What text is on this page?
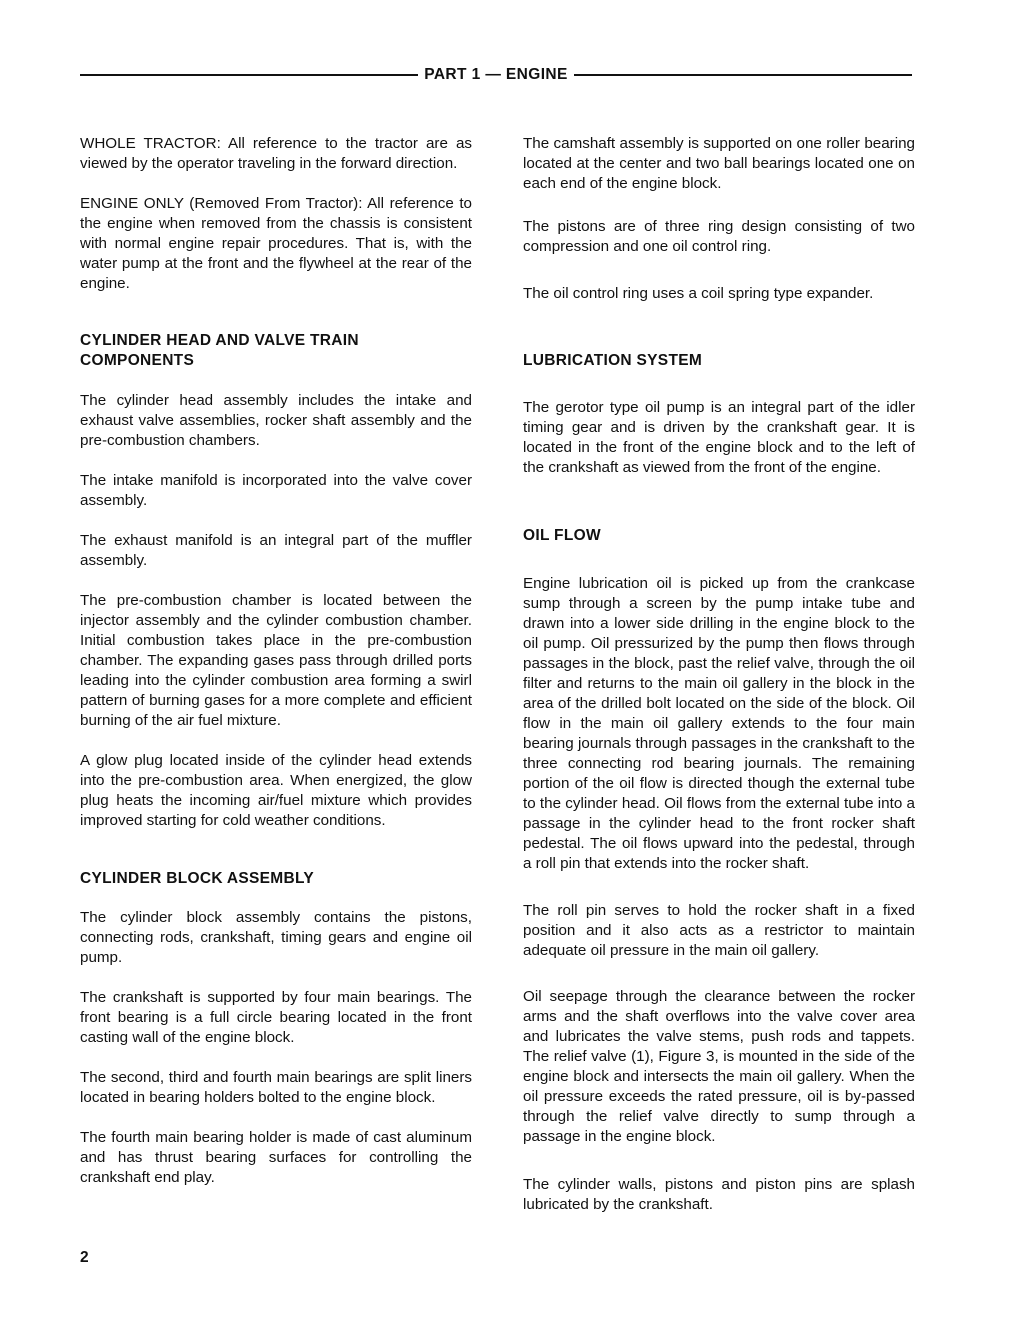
PART 1 — ENGINE

WHOLE TRACTOR: All reference to the tractor are as viewed by the operator traveling in the forward direction.

ENGINE ONLY (Removed From Tractor): All reference to the engine when removed from the chassis is consistent with normal engine repair procedures. That is, with the water pump at the front and the flywheel at the rear of the engine.

CYLINDER HEAD AND VALVE TRAIN COMPONENTS

The cylinder head assembly includes the intake and exhaust valve assemblies, rocker shaft assembly and the pre-combustion chambers.

The intake manifold is incorporated into the valve cover assembly.

The exhaust manifold is an integral part of the muffler assembly.

The pre-combustion chamber is located between the injector assembly and the cylinder combustion chamber. Initial combustion takes place in the pre-combustion chamber. The expanding gases pass through drilled ports leading into the cylinder combustion area forming a swirl pattern of burning gases for a more complete and efficient burning of the air fuel mixture.

A glow plug located inside of the cylinder head extends into the pre-combustion area. When energized, the glow plug heats the incoming air/fuel mixture which provides improved starting for cold weather conditions.

CYLINDER BLOCK ASSEMBLY

The cylinder block assembly contains the pistons, connecting rods, crankshaft, timing gears and engine oil pump.

The crankshaft is supported by four main bearings. The front bearing is a full circle bearing located in the front casting wall of the engine block.

The second, third and fourth main bearings are split liners located in bearing holders bolted to the engine block.

The fourth main bearing holder is made of cast aluminum and has thrust bearing surfaces for controlling the crankshaft end play.

The camshaft assembly is supported on one roller bearing located at the center and two ball bearings located one on each end of the engine block.

The pistons are of three ring design consisting of two compression and one oil control ring.

The oil control ring uses a coil spring type expander.

LUBRICATION SYSTEM

The gerotor type oil pump is an integral part of the idler timing gear and is driven by the crankshaft gear. It is located in the front of the engine block and to the left of the crankshaft as viewed from the front of the engine.

OIL FLOW

Engine lubrication oil is picked up from the crankcase sump through a screen by the pump intake tube and drawn into a lower side drilling in the engine block to the oil pump. Oil pressurized by the pump then flows through passages in the block, past the relief valve, through the oil filter and returns to the main oil gallery in the block in the area of the drilled bolt located on the side of the block. Oil flow in the main oil gallery extends to the four main bearing journals through passages in the crankshaft to the three connecting rod bearing journals. The remaining portion of the oil flow is directed though the external tube to the cylinder head. Oil flows from the external tube into a passage in the cylinder head to the front rocker shaft pedestal. The oil flows upward into the pedestal, through a roll pin that extends into the rocker shaft.

The roll pin serves to hold the rocker shaft in a fixed position and it also acts as a restrictor to maintain adequate oil pressure in the main oil gallery.

Oil seepage through the clearance between the rocker arms and the shaft overflows into the valve cover area and lubricates the valve stems, push rods and tappets. The relief valve (1), Figure 3, is mounted in the side of the engine block and intersects the main oil gallery. When the oil pressure exceeds the rated pressure, oil is by-passed through the relief valve directly to sump through a passage in the engine block.

The cylinder walls, pistons and piston pins are splash lubricated by the crankshaft.

2
